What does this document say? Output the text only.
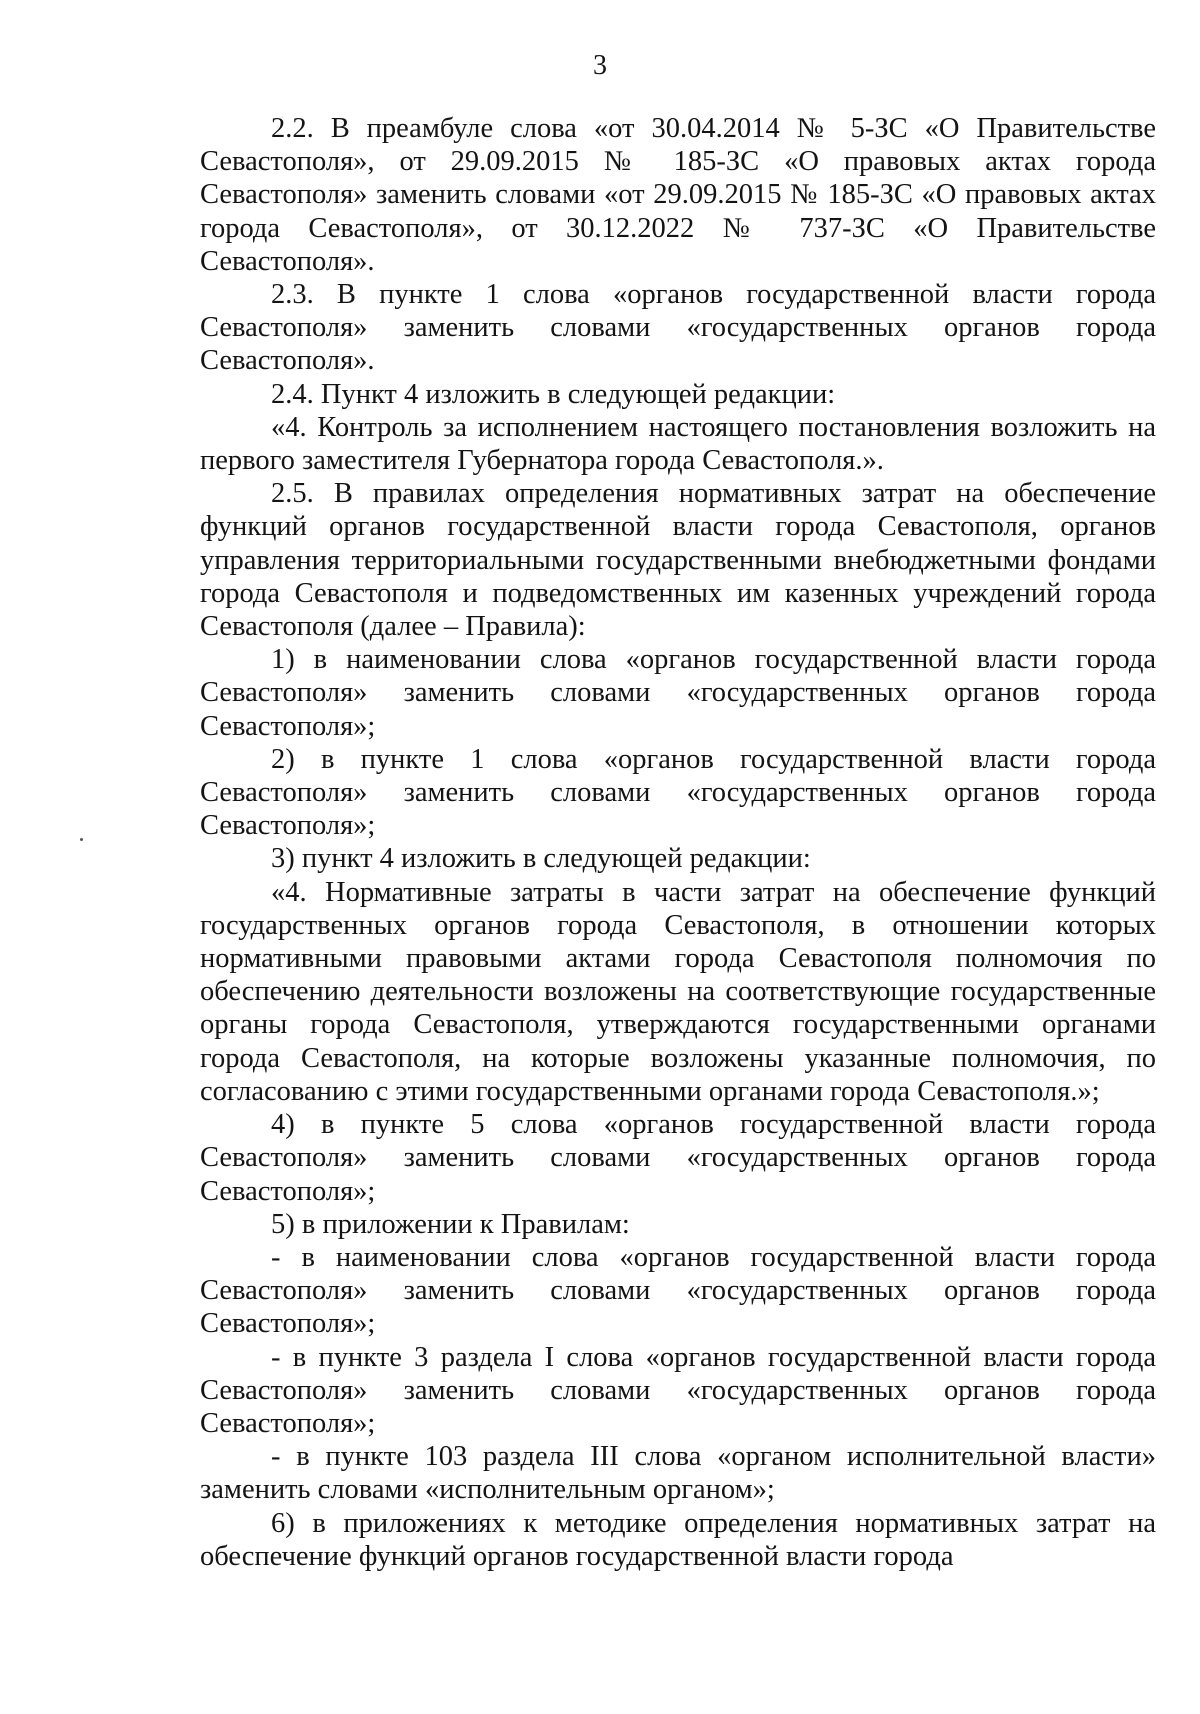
3

2.2. В преамбуле слова «от 30.04.2014 № 5-ЗС «О Правительстве Севастополя», от 29.09.2015 № 185-ЗС «О правовых актах города Севастополя» заменить словами «от 29.09.2015 № 185-ЗС «О правовых актах города Севастополя», от 30.12.2022 № 737-ЗС «О Правительстве Севастополя».

2.3. В пункте 1 слова «органов государственной власти города Севастополя» заменить словами «государственных органов города Севастополя».

2.4. Пункт 4 изложить в следующей редакции:

«4. Контроль за исполнением настоящего постановления возложить на первого заместителя Губернатора города Севастополя.».

2.5. В правилах определения нормативных затрат на обеспечение функций органов государственной власти города Севастополя, органов управления территориальными государственными внебюджетными фондами города Севастополя и подведомственных им казенных учреждений города Севастополя (далее – Правила):

1) в наименовании слова «органов государственной власти города Севастополя» заменить словами «государственных органов города Севастополя»;

2) в пункте 1 слова «органов государственной власти города Севастополя» заменить словами «государственных органов города Севастополя»;

3) пункт 4 изложить в следующей редакции:

«4. Нормативные затраты в части затрат на обеспечение функций государственных органов города Севастополя, в отношении которых нормативными правовыми актами города Севастополя полномочия по обеспечению деятельности возложены на соответствующие государственные органы города Севастополя, утверждаются государственными органами города Севастополя, на которые возложены указанные полномочия, по согласованию с этими государственными органами города Севастополя.»;

4) в пункте 5 слова «органов государственной власти города Севастополя» заменить словами «государственных органов города Севастополя»;

5) в приложении к Правилам:

- в наименовании слова «органов государственной власти города Севастополя» заменить словами «государственных органов города Севастополя»;

- в пункте 3 раздела I слова «органов государственной власти города Севастополя» заменить словами «государственных органов города Севастополя»;

- в пункте 103 раздела III слова «органом исполнительной власти» заменить словами «исполнительным органом»;

6) в приложениях к методике определения нормативных затрат на обеспечение функций органов государственной власти города
